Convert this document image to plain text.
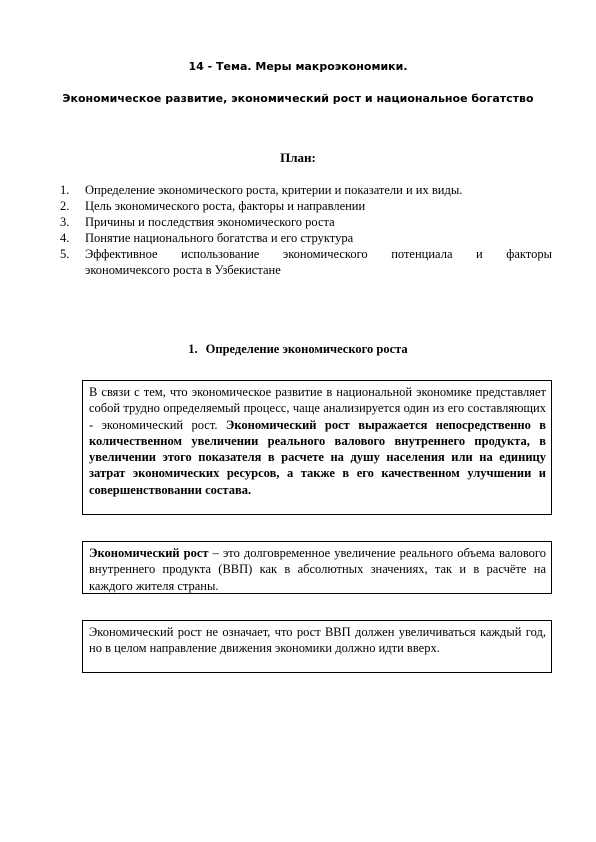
14 - Тема. Меры макроэкономики.
Экономическое развитие, экономический рост и национальное богатство
План:
1. Определение экономического роста, критерии и показатели и их виды.
2. Цель экономического роста, факторы и направлении
3. Причины и последствия экономического роста
4. Понятие национального богатства и его структура
5. Эффективное использование экономического потенциала и факторы
экономичексого роста в Узбекистане
1. Определение экономического роста
В связи с тем, что экономическое развитие в национальной экономике представляет собой трудно определяемый процесс, чаще анализируется один из его составляющих - экономический рост. Экономический рост выражается непосредственно в количественном увеличении реального валового внутреннего продукта, в увеличении этого показателя в расчете на душу населения или на единицу затрат экономических ресурсов, а также в его качественном улучшении и совершенствовании состава.
Экономический рост – это долговременное увеличение реального объема валового внутреннего продукта (ВВП) как в абсолютных значениях, так и в расчёте на каждого жителя страны.
Экономический рост не означает, что рост ВВП должен увеличиваться каждый год, но в целом направление движения экономики должно идти вверх.
